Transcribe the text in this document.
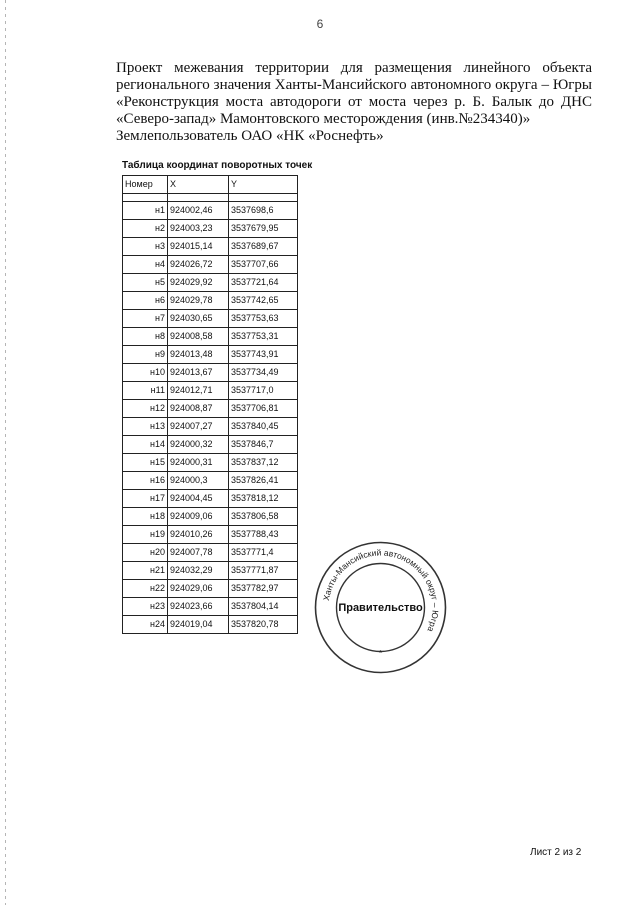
6

Проект межевания территории для размещения линейного объекта регионального значения Ханты-Мансийского автономного округа – Югры «Реконструкция моста автодороги от моста через р. Б. Балык до ДНС «Северо-запад» Мамонтовского месторождения (инв.№234340)»

Землепользователь ОАО «НК «Роснефть»

Таблица координат поворотных точек
Номер	X	Y

н1	924002,46	3537698,6
н2	924003,23	3537679,95
н3	924015,14	3537689,67
н4	924026,72	3537707,66
н5	924029,92	3537721,64
н6	924029,78	3537742,65
н7	924030,65	3537753,63
н8	924008,58	3537753,31
н9	924013,48	3537743,91
н10	924013,67	3537734,49
н11	924012,71	3537717,0
н12	924008,87	3537706,81
н13	924007,27	3537840,45
н14	924000,32	3537846,7
н15	924000,31	3537837,12
н16	924000,3	3537826,41
н17	924004,45	3537818,12
н18	924009,06	3537806,58
н19	924010,26	3537788,43
н20	924007,78	3537771,4
н21	924032,29	3537771,87
н22	924029,06	3537782,97
н23	924023,66	3537804,14
н24	924019,04	3537820,78
Ханты-Мансийский автономный округ – Югра
Правительство
*
Лист 2 из 2
